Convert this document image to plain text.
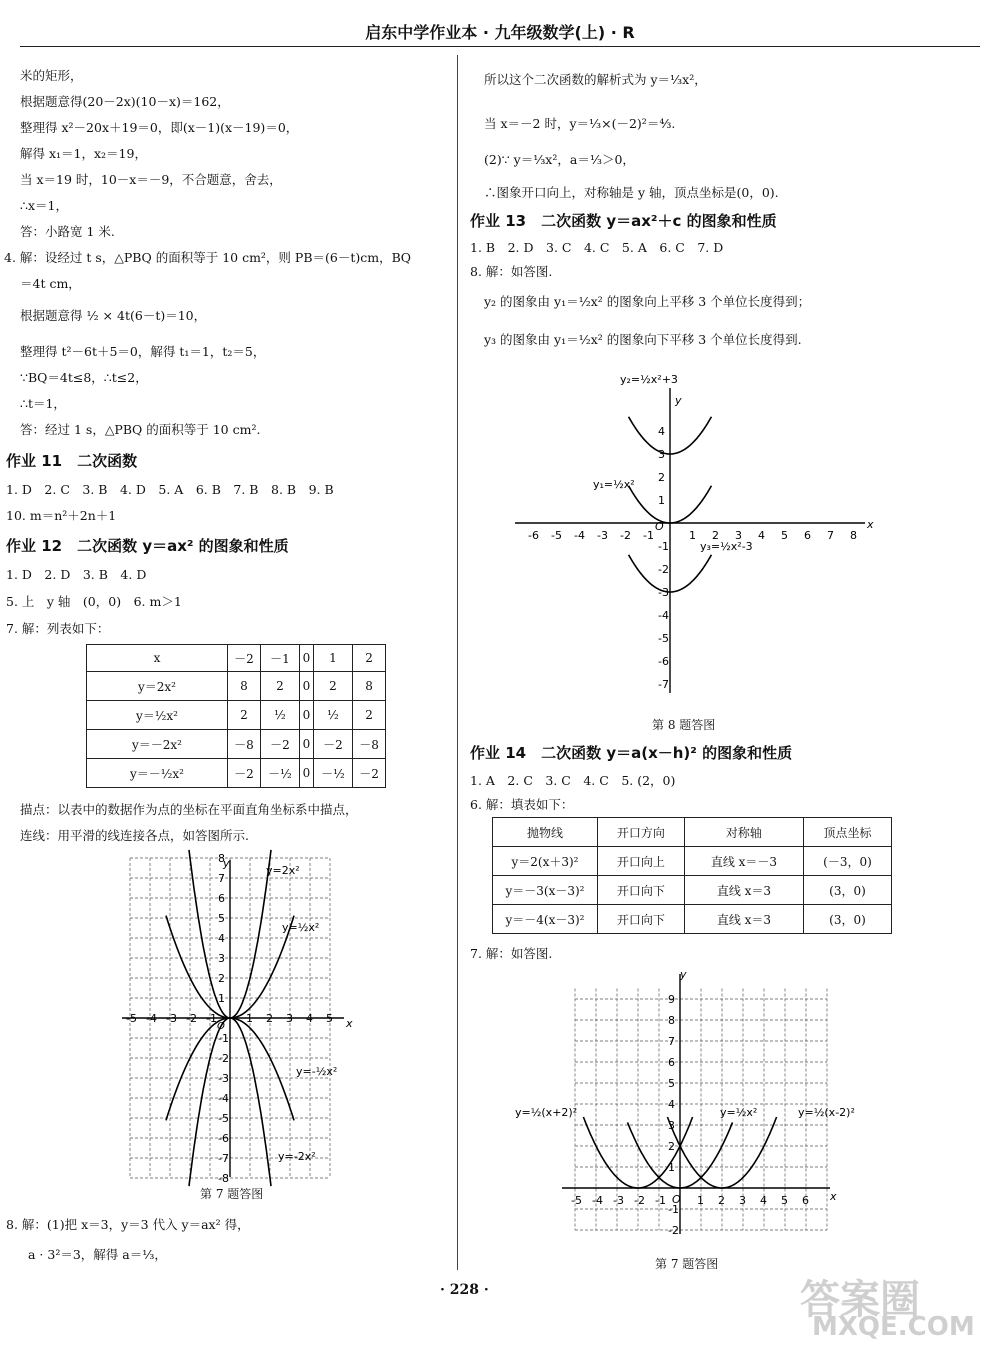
启东中学作业本 · 九年级数学(上) · R
米的矩形，
根据题意得(20－2x)(10－x)＝162，
整理得 x²－20x＋19＝0，即(x－1)(x－19)＝0，
解得 x₁＝1，x₂＝19，
当 x＝19 时，10－x＝－9，不合题意，舍去，
∴x＝1，
答：小路宽 1 米.
4. 解：设经过 t s，△PBQ 的面积等于 10 cm²，则 PB＝(6－t)cm，BQ
＝4t cm，
根据题意得 ½ × 4t(6－t)＝10，
整理得 t²－6t＋5＝0，解得 t₁＝1，t₂＝5，
∵BQ＝4t≤8，∴t≤2，
∴t＝1，
答：经过 1 s，△PBQ 的面积等于 10 cm².
作业 11　二次函数
1. D　2. C　3. B　4. D　5. A　6. B　7. B　8. B　9. B
10. m＝n²＋2n＋1
作业 12　二次函数 y＝ax² 的图象和性质
1. D　2. D　3. B　4. D
5. 上　y 轴　(0，0)　6. m＞1
7. 解：列表如下：
x	－2	－1	0	1	2
y＝2x²	8	2	0	2	8
y＝½x²	2	½	0	½	2
y＝－2x²	－8	－2	0	－2	－8
y＝－½x²	－2	－½	0	－½	－2
描点：以表中的数据作为点的坐标在平面直角坐标系中描点，
连线：用平滑的线连接各点，如答图所示.
-5 -4 -3 -2 -1	1 2 3 4 5
8
7
6
5
4
3
2
1
-1
-2
-3
-4
-5
-6
-7
-8
y=2x²
y=½x²
y=-½x²
y=-2x²
x
y
O
第 7 题答图
8. 解：(1)把 x＝3，y＝3 代入 y＝ax² 得，
a · 3²＝3，解得 a＝⅓，
所以这个二次函数的解析式为 y＝⅓x²，
当 x＝－2 时，y＝⅓×(－2)²＝⁴⁄₃.
(2)∵ y＝⅓x²，a＝⅓＞0，
∴图象开口向上，对称轴是 y 轴，顶点坐标是(0，0).
作业 13　二次函数 y＝ax²＋c 的图象和性质
1. B　2. D　3. C　4. C　5. A　6. C　7. D
8. 解：如答图.
y₂ 的图象由 y₁＝½x² 的图象向上平移 3 个单位长度得到；
y₃ 的图象由 y₁＝½x² 的图象向下平移 3 个单位长度得到.
-6 -5 -4 -3 -2 -1	1 2 3 4 5 6 7 8
4
3
2
1
-1
-2
-3
-4
-5
-6
-7
y₂=½x²+3
y₁=½x²
y₃=½x²-3
x
y
O
第 8 题答图
作业 14　二次函数 y＝a(x－h)² 的图象和性质
1. A　2. C　3. C　4. C　5. (2，0)
6. 解：填表如下：
抛物线	开口方向	对称轴	顶点坐标
y＝2(x＋3)²	开口向上	直线 x＝－3	(－3，0)
y＝－3(x－3)²	开口向下	直线 x＝3	(3，0)
y＝－4(x－3)²	开口向下	直线 x＝3	(3，0)
7. 解：如答图.
-5 -4 -3 -2 -1	1 2 3 4 5 6
9
8
7
6
5
4
3
2
1
-1
-2
y=½(x+2)²	y=½x²	y=½(x-2)²
x
y
O
第 7 题答图
· 228 ·	答案圈
MXQE.COM
